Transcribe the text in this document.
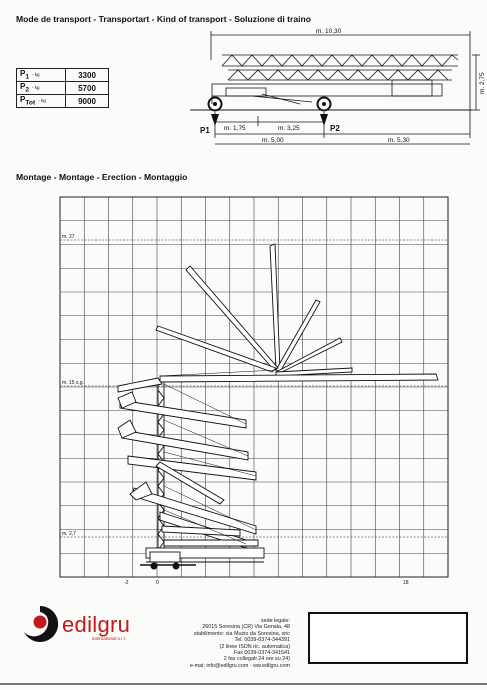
Mode de transport - Transportart - Kind of transport - Soluzione di traino
$P_1$ - kg	3300
$P_2$ - kg	5700
$P_{Tot}$ - kg	9000
m. 10,30
m. 1,75	m. 3,25
m. 5,00	m. 5,30
P1	P2
m. 2,75
Montage - Montage - Erection - Montaggio
m. 27
m. 15 s.g.
m. 2,7
-2	0	18
edilgru
international s.r.l.
sede legale:
26015 Soresina (CR) Via Genala, 48
stabilimento: via Muzio da Soresina, snc
Tel. 0039-0374-344391
(2 linee ISDN ric. automatica)
Fax 0039-0374-341541
2 fax collegati 24 ore su 24)
e-mai: info@edilgru.com - ww.edilgru.com
